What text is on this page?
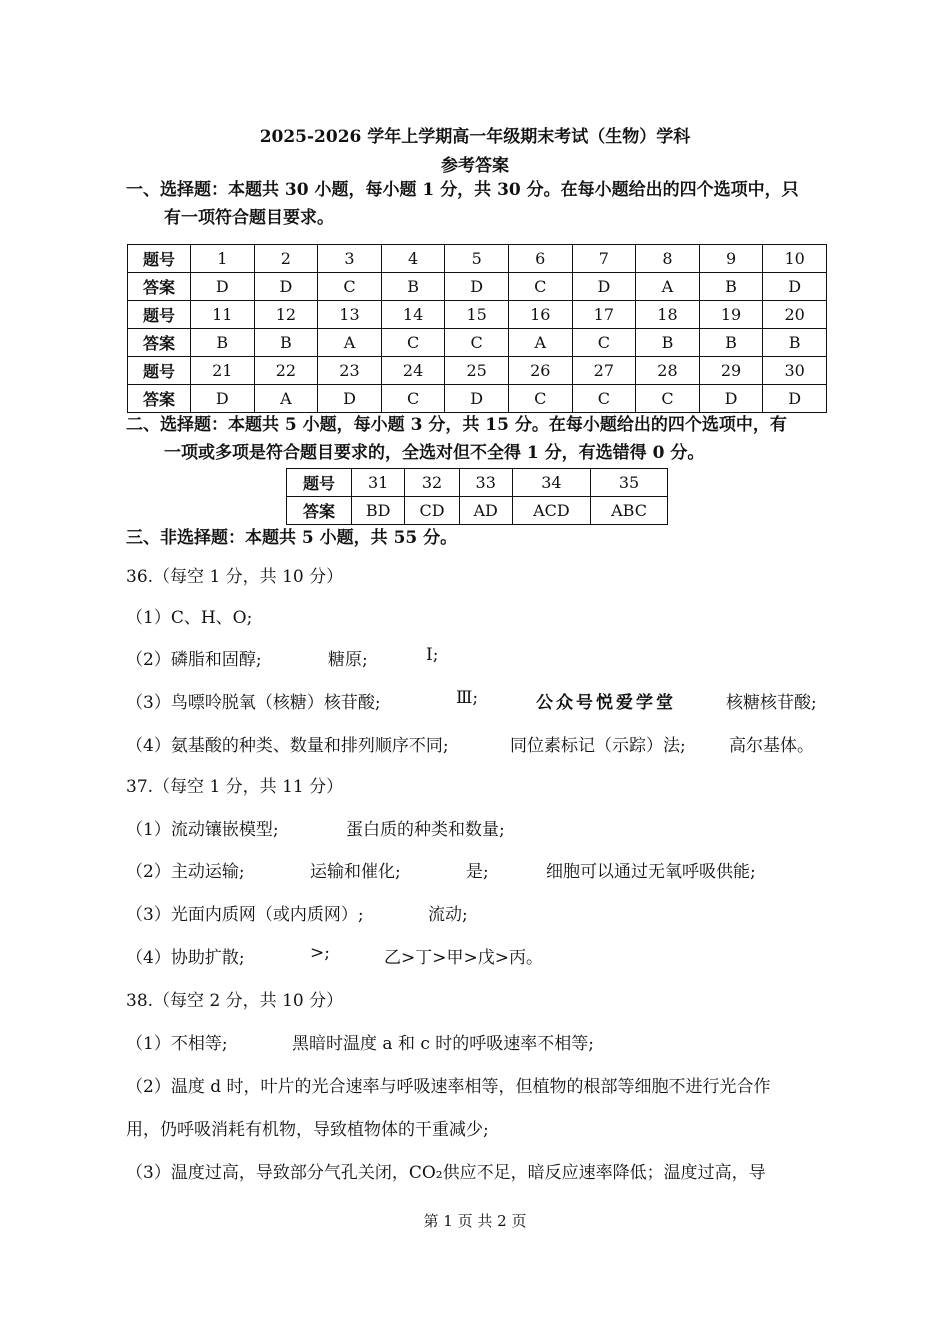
2025-2026 学年上学期高一年级期末考试（生物）学科
参考答案
一、选择题：本题共 30 小题，每小题 1 分，共 30 分。在每小题给出的四个选项中，只
有一项符合题目要求。
题号	1	2	3	4	5	6	7	8	9	10
答案	D	D	C	B	D	C	D	A	B	D
题号	11	12	13	14	15	16	17	18	19	20
答案	B	B	A	C	C	A	C	B	B	B
题号	21	22	23	24	25	26	27	28	29	30
答案	D	A	D	C	D	C	C	C	D	D
二、选择题：本题共 5 小题，每小题 3 分，共 15 分。在每小题给出的四个选项中，有
一项或多项是符合题目要求的，全选对但不全得 1 分，有选错得 0 分。
题号	31	32	33	34	35
答案	BD	CD	AD	ACD	ABC
三、非选择题：本题共 5 小题，共 55 分。
36.（每空 1 分，共 10 分）
（1）C、H、O;
（2）磷脂和固醇;	糖原;	I;
（3）鸟嘌呤脱氧（核糖）核苷酸;	Ⅲ;	公众号悦爱学堂	核糖核苷酸;
（4）氨基酸的种类、数量和排列顺序不同;	同位素标记（示踪）法;	高尔基体。
37.（每空 1 分，共 11 分）
（1）流动镶嵌模型;	蛋白质的种类和数量;
（2）主动运输;	运输和催化;	是;	细胞可以通过无氧呼吸供能;
（3）光面内质网（或内质网）;	流动;
（4）协助扩散;	>;	乙>丁>甲>戊>丙。
38.（每空 2 分，共 10 分）
（1）不相等;	黑暗时温度 a 和 c 时的呼吸速率不相等;
（2）温度 d 时，叶片的光合速率与呼吸速率相等，但植物的根部等细胞不进行光合作
用，仍呼吸消耗有机物，导致植物体的干重减少;
（3）温度过高，导致部分气孔关闭，CO₂供应不足，暗反应速率降低；温度过高，导
第 1 页 共 2 页
